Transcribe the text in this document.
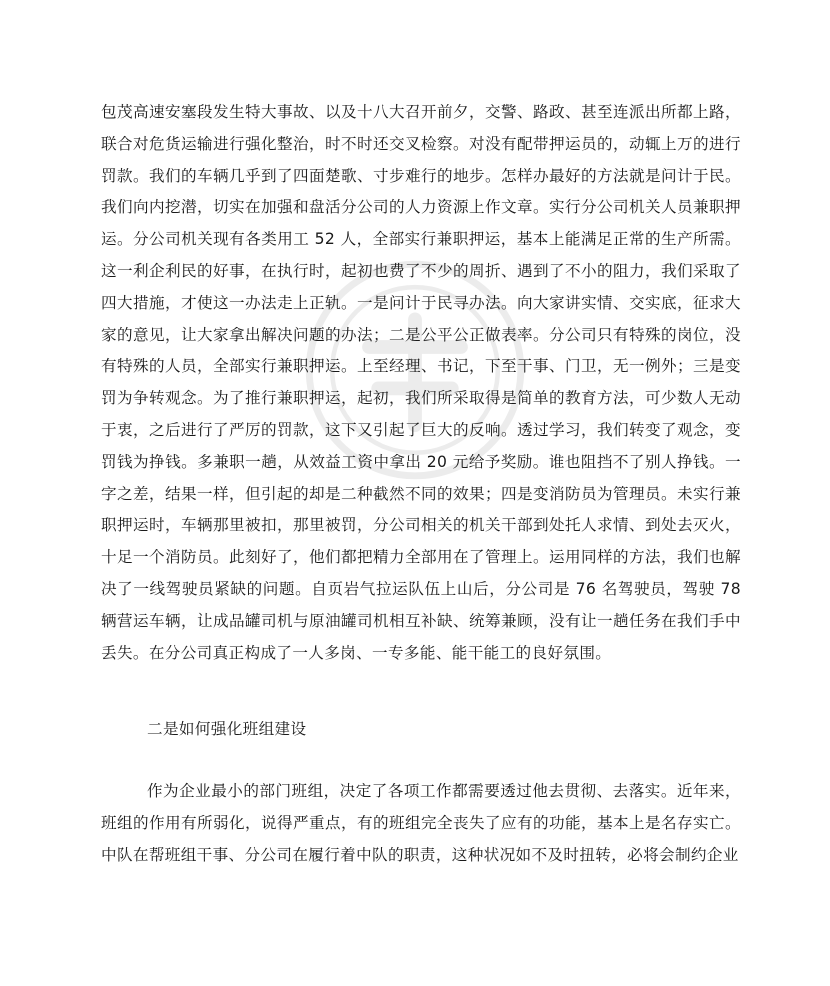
包茂高速安塞段发生特大事故、以及十八大召开前夕，交警、路政、甚至连派出所都上路，联合对危货运输进行强化整治，时不时还交叉检察。对没有配带押运员的，动辄上万的进行罚款。我们的车辆几乎到了四面楚歌、寸步难行的地步。怎样办最好的方法就是问计于民。我们向内挖潜，切实在加强和盘活分公司的人力资源上作文章。实行分公司机关人员兼职押运。分公司机关现有各类用工 52 人，全部实行兼职押运，基本上能满足正常的生产所需。这一利企利民的好事，在执行时，起初也费了不少的周折、遇到了不小的阻力，我们采取了四大措施，才使这一办法走上正轨。一是问计于民寻办法。向大家讲实情、交实底，征求大家的意见，让大家拿出解决问题的办法；二是公平公正做表率。分公司只有特殊的岗位，没有特殊的人员，全部实行兼职押运。上至经理、书记，下至干事、门卫，无一例外；三是变罚为争转观念。为了推行兼职押运，起初，我们所采取得是简单的教育方法，可少数人无动于衷，之后进行了严厉的罚款，这下又引起了巨大的反响。透过学习，我们转变了观念，变罚钱为挣钱。多兼职一趟，从效益工资中拿出 20 元给予奖励。谁也阻挡不了别人挣钱。一字之差，结果一样，但引起的却是二种截然不同的效果；四是变消防员为管理员。未实行兼职押运时，车辆那里被扣，那里被罚，分公司相关的机关干部到处托人求情、到处去灭火，十足一个消防员。此刻好了，他们都把精力全部用在了管理上。运用同样的方法，我们也解决了一线驾驶员紧缺的问题。自页岩气拉运队伍上山后，分公司是 76 名驾驶员，驾驶 78 辆营运车辆，让成品罐司机与原油罐司机相互补缺、统筹兼顾，没有让一趟任务在我们手中丢失。在分公司真正构成了一人多岗、一专多能、能干能工的良好氛围。
二是如何强化班组建设
作为企业最小的部门班组，决定了各项工作都需要透过他去贯彻、去落实。近年来，班组的作用有所弱化，说得严重点，有的班组完全丧失了应有的功能，基本上是名存实亡。中队在帮班组干事、分公司在履行着中队的职责，这种状况如不及时扭转，必将会制约企业
